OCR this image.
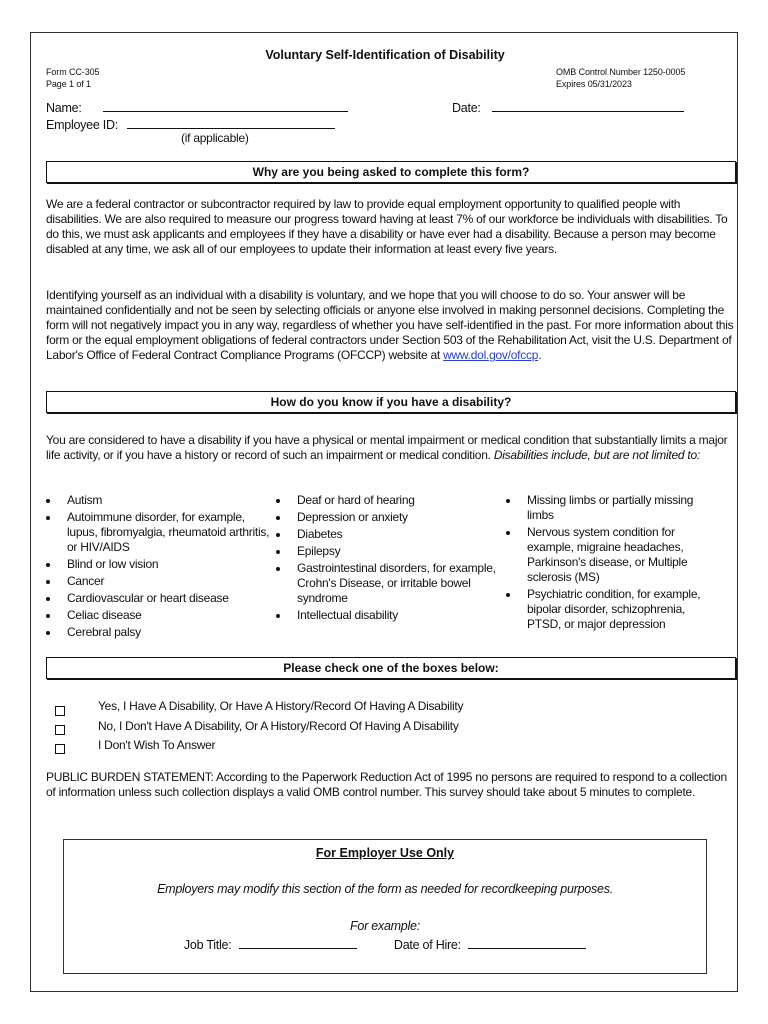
Voluntary Self-Identification of Disability
Form CC-305
Page 1 of 1
OMB Control Number 1250-0005
Expires 05/31/2023
Name:	Date:
Employee ID:
(if applicable)
Why are you being asked to complete this form?
We are a federal contractor or subcontractor required by law to provide equal employment opportunity to qualified people with disabilities. We are also required to measure our progress toward having at least 7% of our workforce be individuals with disabilities. To do this, we must ask applicants and employees if they have a disability or have ever had a disability. Because a person may become disabled at any time, we ask all of our employees to update their information at least every five years.
Identifying yourself as an individual with a disability is voluntary, and we hope that you will choose to do so. Your answer will be maintained confidentially and not be seen by selecting officials or anyone else involved in making personnel decisions. Completing the form will not negatively impact you in any way, regardless of whether you have self-identified in the past. For more information about this form or the equal employment obligations of federal contractors under Section 503 of the Rehabilitation Act, visit the U.S. Department of Labor's Office of Federal Contract Compliance Programs (OFCCP) website at www.dol.gov/ofccp.
How do you know if you have a disability?
You are considered to have a disability if you have a physical or mental impairment or medical condition that substantially limits a major life activity, or if you have a history or record of such an impairment or medical condition. Disabilities include, but are not limited to:
Autism
Autoimmune disorder, for example, lupus, fibromyalgia, rheumatoid arthritis, or HIV/AIDS
Blind or low vision
Cancer
Cardiovascular or heart disease
Celiac disease
Cerebral palsy
Deaf or hard of hearing
Depression or anxiety
Diabetes
Epilepsy
Gastrointestinal disorders, for example, Crohn's Disease, or irritable bowel syndrome
Intellectual disability
Missing limbs or partially missing limbs
Nervous system condition for example, migraine headaches, Parkinson's disease, or Multiple sclerosis (MS)
Psychiatric condition, for example, bipolar disorder, schizophrenia, PTSD, or major depression
Please check one of the boxes below:
Yes, I Have A Disability, Or Have A History/Record Of Having A Disability
No, I Don't Have A Disability, Or A History/Record Of Having A Disability
I Don't Wish To Answer
PUBLIC BURDEN STATEMENT: According to the Paperwork Reduction Act of 1995 no persons are required to respond to a collection of information unless such collection displays a valid OMB control number. This survey should take about 5 minutes to complete.
For Employer Use Only
Employers may modify this section of the form as needed for recordkeeping purposes.
For example:
Job Title:	Date of Hire:
